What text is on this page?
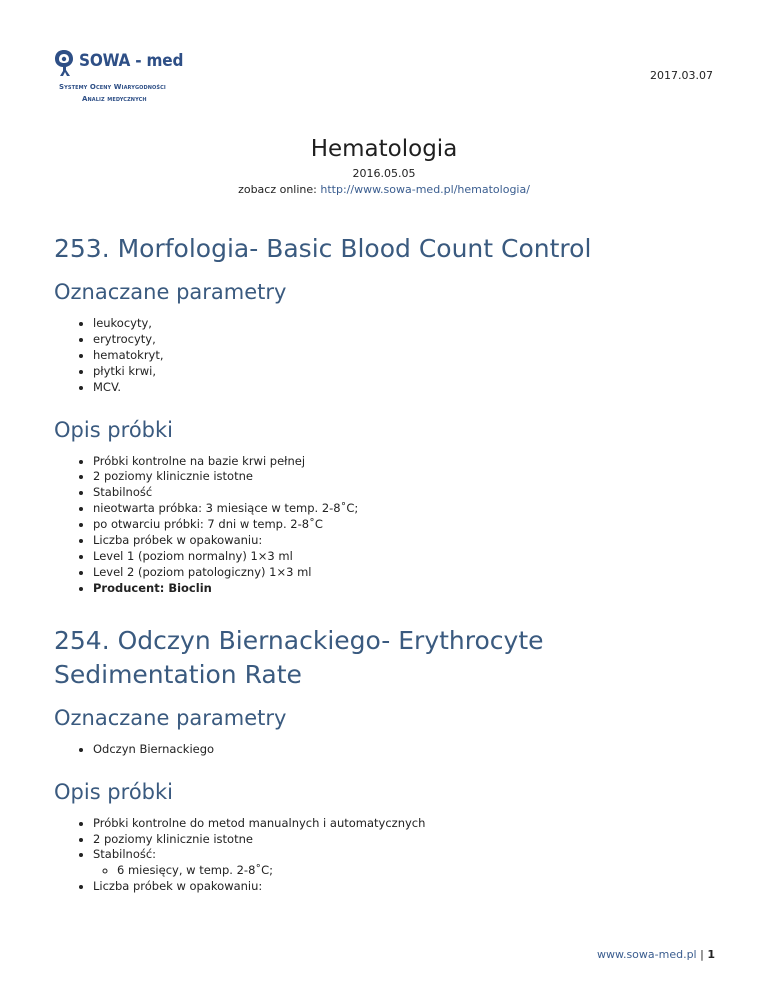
SOWA - med
Systemy Oceny Wiarygodności
Analiz medycznych
2017.03.07
Hematologia
2016.05.05
zobacz online: http://www.sowa-med.pl/hematologia/
253. Morfologia- Basic Blood Count Control
Oznaczane parametry
• leukocyty,
• erytrocyty,
• hematokryt,
• płytki krwi,
• MCV.
Opis próbki
• Próbki kontrolne na bazie krwi pełnej
• 2 poziomy klinicznie istotne
• Stabilność
• nieotwarta próbka: 3 miesiące w temp. 2-8˚C;
• po otwarciu próbki: 7 dni w temp. 2-8˚C
• Liczba próbek w opakowaniu:
• Level 1 (poziom normalny) 1×3 ml
• Level 2 (poziom patologiczny) 1×3 ml
• Producent: Bioclin
254. Odczyn Biernackiego- Erythrocyte Sedimentation Rate
Oznaczane parametry
• Odczyn Biernackiego
Opis próbki
• Próbki kontrolne do metod manualnych i automatycznych
• 2 poziomy klinicznie istotne
• Stabilność:
◦ 6 miesięcy, w temp. 2-8˚C;
• Liczba próbek w opakowaniu:
www.sowa-med.pl | 1
